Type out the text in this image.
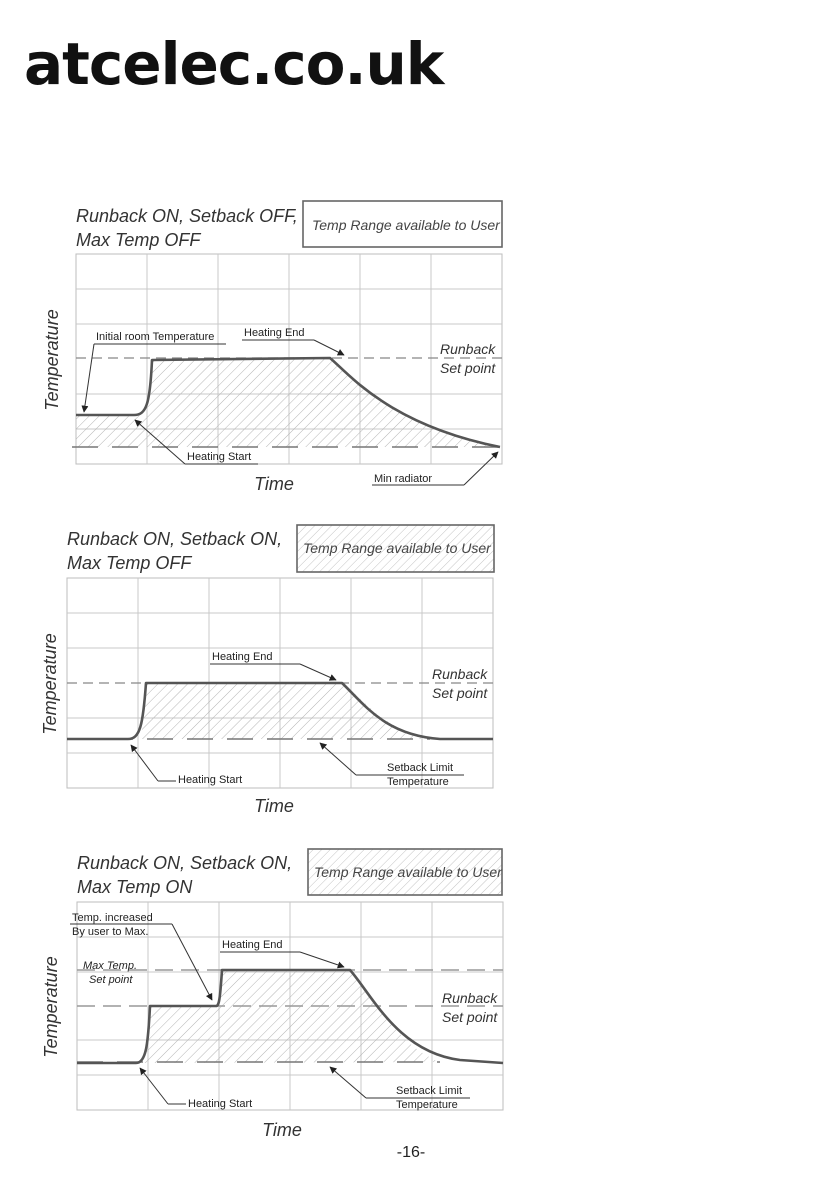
atcelec.co.uk
Runback ON, Setback OFF,
Max Temp OFF
Temp Range available to User
Temperature
Time
Initial room Temperature	Heating End
Runback
Set point
Heating Start
Min radiator
Runback ON, Setback ON,
Max Temp OFF
Temp Range available to User
Temperature
Time
Heating End
Runback
Set point
Heating Start
Setback Limit
Temperature
Runback ON, Setback ON,
Max Temp ON
Temp Range available to User
Temperature
Time
Temp. increased
By user to Max.
Heating End
Max Temp.
Set point
Runback
Set point
Heating Start
Setback Limit
Temperature
-16-
